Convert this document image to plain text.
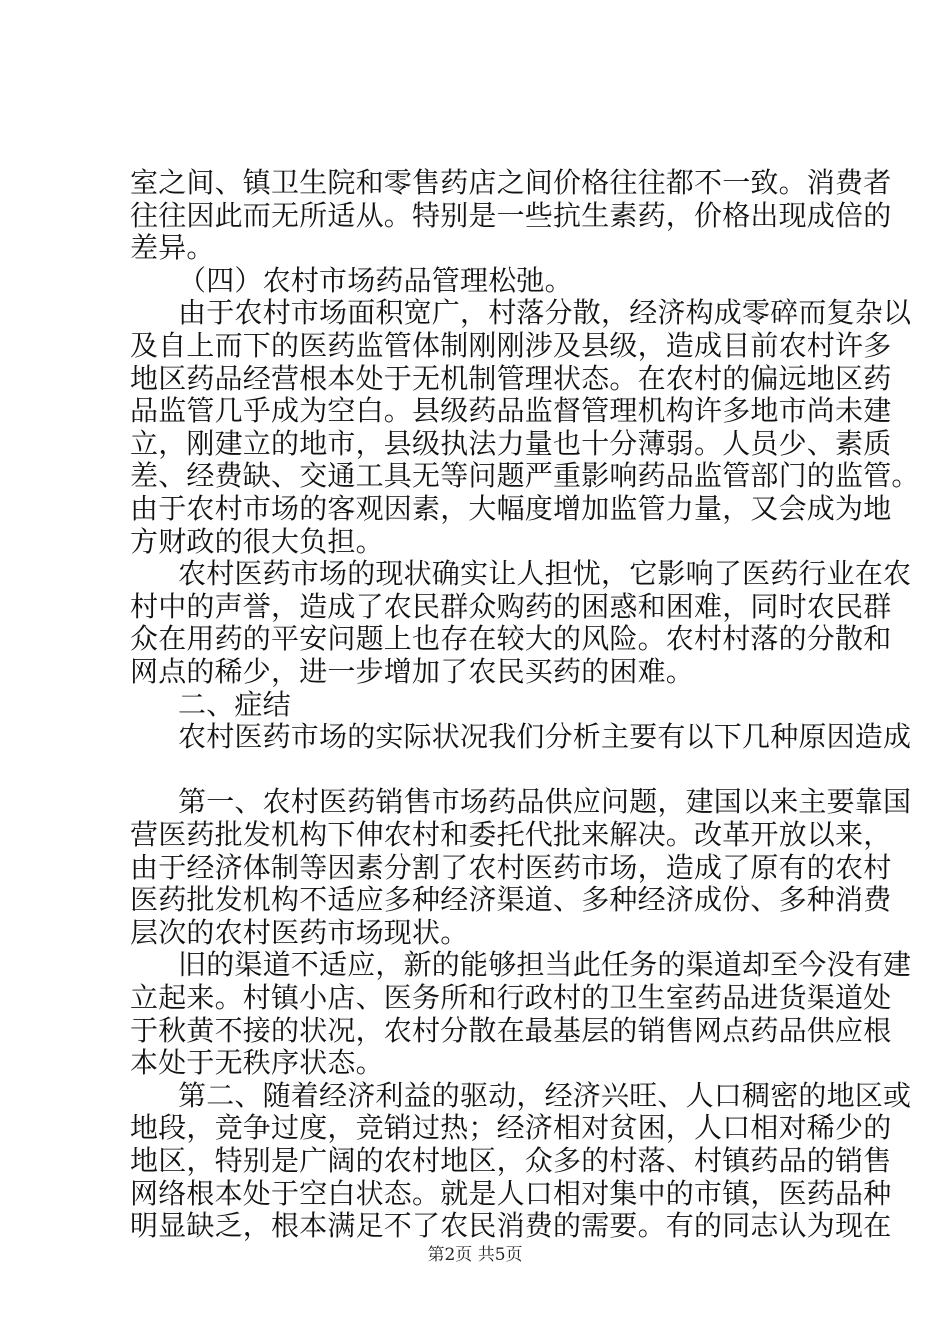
室之间、镇卫生院和零售药店之间价格往往都不一致。消费者
往往因此而无所适从。特别是一些抗生素药，价格出现成倍的
差异。
（四）农村市场药品管理松弛。
由于农村市场面积宽广，村落分散，经济构成零碎而复杂以
及自上而下的医药监管体制刚刚涉及县级，造成目前农村许多
地区药品经营根本处于无机制管理状态。在农村的偏远地区药
品监管几乎成为空白。县级药品监督管理机构许多地市尚未建
立，刚建立的地市，县级执法力量也十分薄弱。人员少、素质
差、经费缺、交通工具无等问题严重影响药品监管部门的监管。
由于农村市场的客观因素，大幅度增加监管力量，又会成为地
方财政的很大负担。
农村医药市场的现状确实让人担忧，它影响了医药行业在农
村中的声誉，造成了农民群众购药的困惑和困难，同时农民群
众在用药的平安问题上也存在较大的风险。农村村落的分散和
网点的稀少，进一步增加了农民买药的困难。
二、症结
农村医药市场的实际状况我们分析主要有以下几种原因造成
第一、农村医药销售市场药品供应问题，建国以来主要靠国
营医药批发机构下伸农村和委托代批来解决。改革开放以来，
由于经济体制等因素分割了农村医药市场，造成了原有的农村
医药批发机构不适应多种经济渠道、多种经济成份、多种消费
层次的农村医药市场现状。
旧的渠道不适应，新的能够担当此任务的渠道却至今没有建
立起来。村镇小店、医务所和行政村的卫生室药品进货渠道处
于秋黄不接的状况，农村分散在最基层的销售网点药品供应根
本处于无秩序状态。
第二、随着经济利益的驱动，经济兴旺、人口稠密的地区或
地段，竞争过度，竞销过热；经济相对贫困，人口相对稀少的
地区，特别是广阔的农村地区，众多的村落、村镇药品的销售
网络根本处于空白状态。就是人口相对集中的市镇，医药品种
明显缺乏，根本满足不了农民消费的需要。有的同志认为现在
第2页 共5页
